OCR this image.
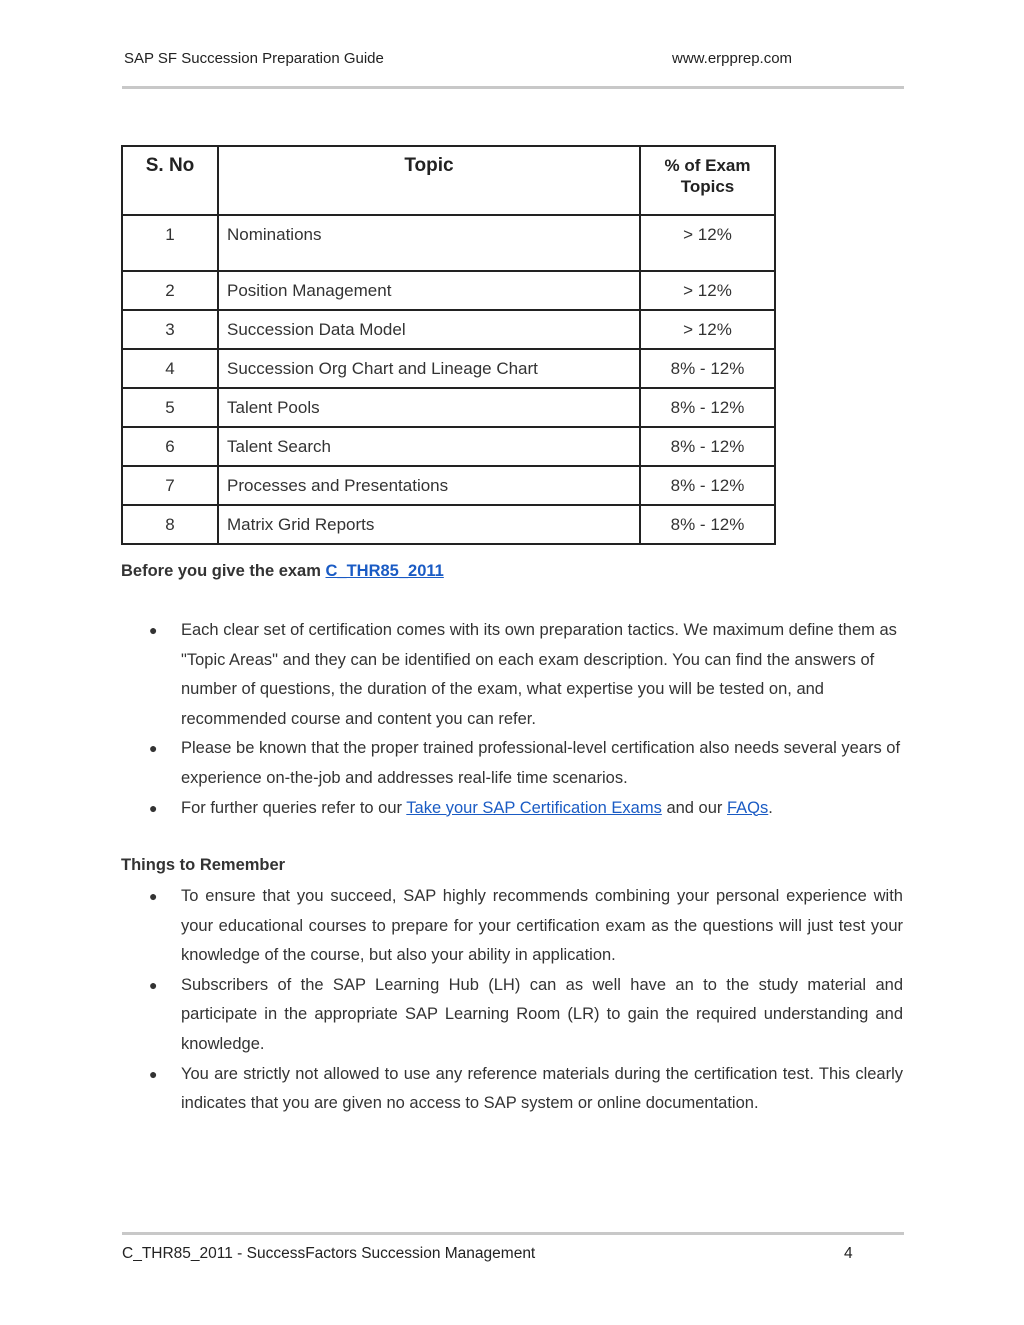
SAP SF Succession Preparation Guide	www.erpprep.com
S. No	Topic	% of Exam Topics
1	Nominations	> 12%
2	Position Management	> 12%
3	Succession Data Model	> 12%
4	Succession Org Chart and Lineage Chart	8% - 12%
5	Talent Pools	8% - 12%
6	Talent Search	8% - 12%
7	Processes and Presentations	8% - 12%
8	Matrix Grid Reports	8% - 12%
Before you give the exam C_THR85_2011
● Each clear set of certification comes with its own preparation tactics. We maximum define them as "Topic Areas" and they can be identified on each exam description. You can find the answers of number of questions, the duration of the exam, what expertise you will be tested on, and recommended course and content you can refer.
● Please be known that the proper trained professional-level certification also needs several years of experience on-the-job and addresses real-life time scenarios.
● For further queries refer to our Take your SAP Certification Exams and our FAQs.
Things to Remember
● To ensure that you succeed, SAP highly recommends combining your personal experience with your educational courses to prepare for your certification exam as the questions will just test your knowledge of the course, but also your ability in application.
● Subscribers of the SAP Learning Hub (LH) can as well have an to the study material and participate in the appropriate SAP Learning Room (LR) to gain the required understanding and knowledge.
● You are strictly not allowed to use any reference materials during the certification test. This clearly indicates that you are given no access to SAP system or online documentation.
C_THR85_2011 - SuccessFactors Succession Management	4
